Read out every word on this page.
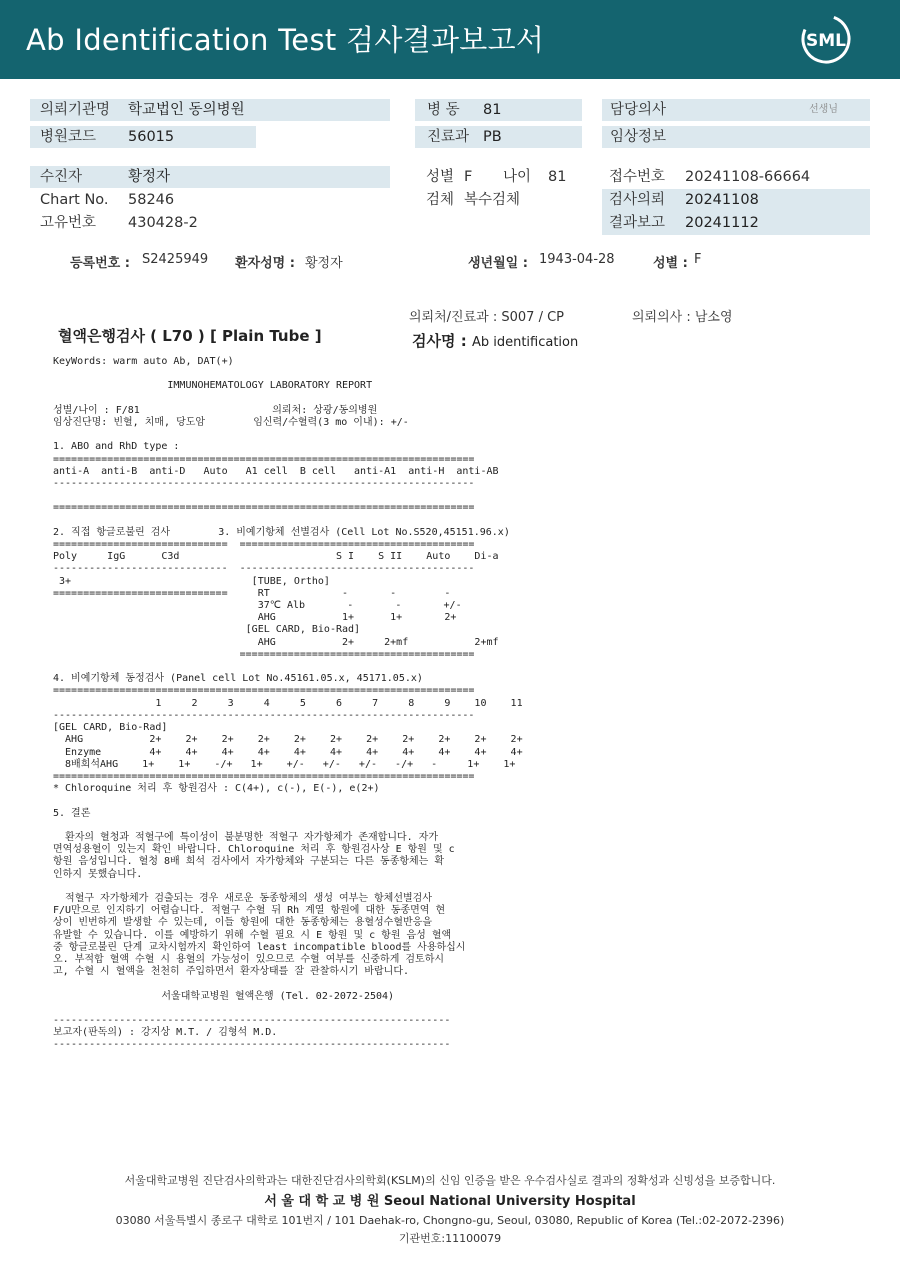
Ab Identification Test 검사결과보고서	SML
의뢰기관명 학교법인 동의병원
병원코드 56015
병 동 81
진료과 PB
담당의사	선생님
임상정보
수진자	황정자
Chart No. 58246
고유번호 430428-2
성별 F 나이 81
검체 복수검체
접수번호 20241108-66664
검사의뢰 20241108
결과보고 20241112
등록번호 : S2425949 환자성명 : 황정자	생년월일 : 1943-04-28	성별 : F
의뢰처/진료과 : S007 / CP	의뢰의사 : 남소영
혈액은행검사 ( L70 ) [ Plain Tube ]	검사명 : Ab identification
KeyWords: warm auto Ab, DAT(+)

IMMUNOHEMATOLOGY LABORATORY REPORT

성별/나이 : F/81                      의뢰처: 상광/동의병원
임상진단명: 빈혈, 치매, 당도암        임신력/수혈력(3 mo 이내): +/-

1. ABO and RhD type :
======================================================================
anti-A  anti-B  anti-D   Auto   A1 cell  B cell   anti-A1  anti-H  anti-AB
----------------------------------------------------------------------

======================================================================

2. 직접 항글로불린 검사        3. 비예기항체 선별검사 (Cell Lot No.S520,45151.96.x)
=============================  =======================================
Poly     IgG      C3d                          S I    S II    Auto    Di-a
-----------------------------  ---------------------------------------
3+                              [TUBE, Ortho]
=============================     RT            -       -        -
37℃ Alb       -       -       +/-
AHG           1+      1+       2+
[GEL CARD, Bio-Rad]
AHG           2+     2+mf           2+mf
=======================================

4. 비예기항체 동정검사 (Panel cell Lot No.45161.05.x, 45171.05.x)
======================================================================
1     2     3     4     5     6     7     8     9    10    11
----------------------------------------------------------------------
[GEL CARD, Bio-Rad]
AHG           2+    2+    2+    2+    2+    2+    2+    2+    2+    2+    2+
Enzyme        4+    4+    4+    4+    4+    4+    4+    4+    4+    4+    4+
8배희석AHG    1+    1+    -/+   1+    +/-   +/-   +/-   -/+   -     1+    1+
======================================================================
* Chloroquine 처리 후 항원검사 : C(4+), c(-), E(-), e(2+)

5. 결론

환자의 혈청과 적혈구에 특이성이 불분명한 적혈구 자가항체가 존재합니다. 자가
면역성용혈이 있는지 확인 바랍니다. Chloroquine 처리 후 항원검사상 E 항원 및 c
항원 음성입니다. 혈청 8배 희석 검사에서 자가항체와 구분되는 다른 동종항체는 확
인하지 못했습니다.

적혈구 자가항체가 검출되는 경우 새로운 동종항체의 생성 여부는 항체선별검사
F/U만으로 인지하기 어렵습니다. 적혈구 수혈 뒤 Rh 계열 항원에 대한 동종면역 현
상이 빈번하게 발생할 수 있는데, 이들 항원에 대한 동종항체는 용혈성수혈반응을
유발할 수 있습니다. 이를 예방하기 위해 수혈 필요 시 E 항원 및 c 항원 음성 혈액
중 항글로불린 단계 교차시험까지 확인하여 least incompatible blood를 사용하십시
오. 부적합 혈액 수혈 시 용혈의 가능성이 있으므로 수혈 여부를 신중하게 검토하시
고, 수혈 시 혈액을 천천히 주입하면서 환자상태를 잘 관찰하시기 바랍니다.

서울대학교병원 혈액은행 (Tel. 02-2072-2504)

------------------------------------------------------------------
보고자(판독의) : 강지상 M.T. / 김형석 M.D.
------------------------------------------------------------------
서울대학교병원 진단검사의학과는 대한진단검사의학회(KSLM)의 신임 인증을 받은 우수검사실로 결과의 정확성과 신빙성을 보증합니다.
서 울 대 학 교 병 원 Seoul National University Hospital
03080 서울특별시 종로구 대학로 101번지 / 101 Daehak-ro, Chongno-gu, Seoul, 03080, Republic of Korea (Tel.:02-2072-2396)
기관번호:11100079
